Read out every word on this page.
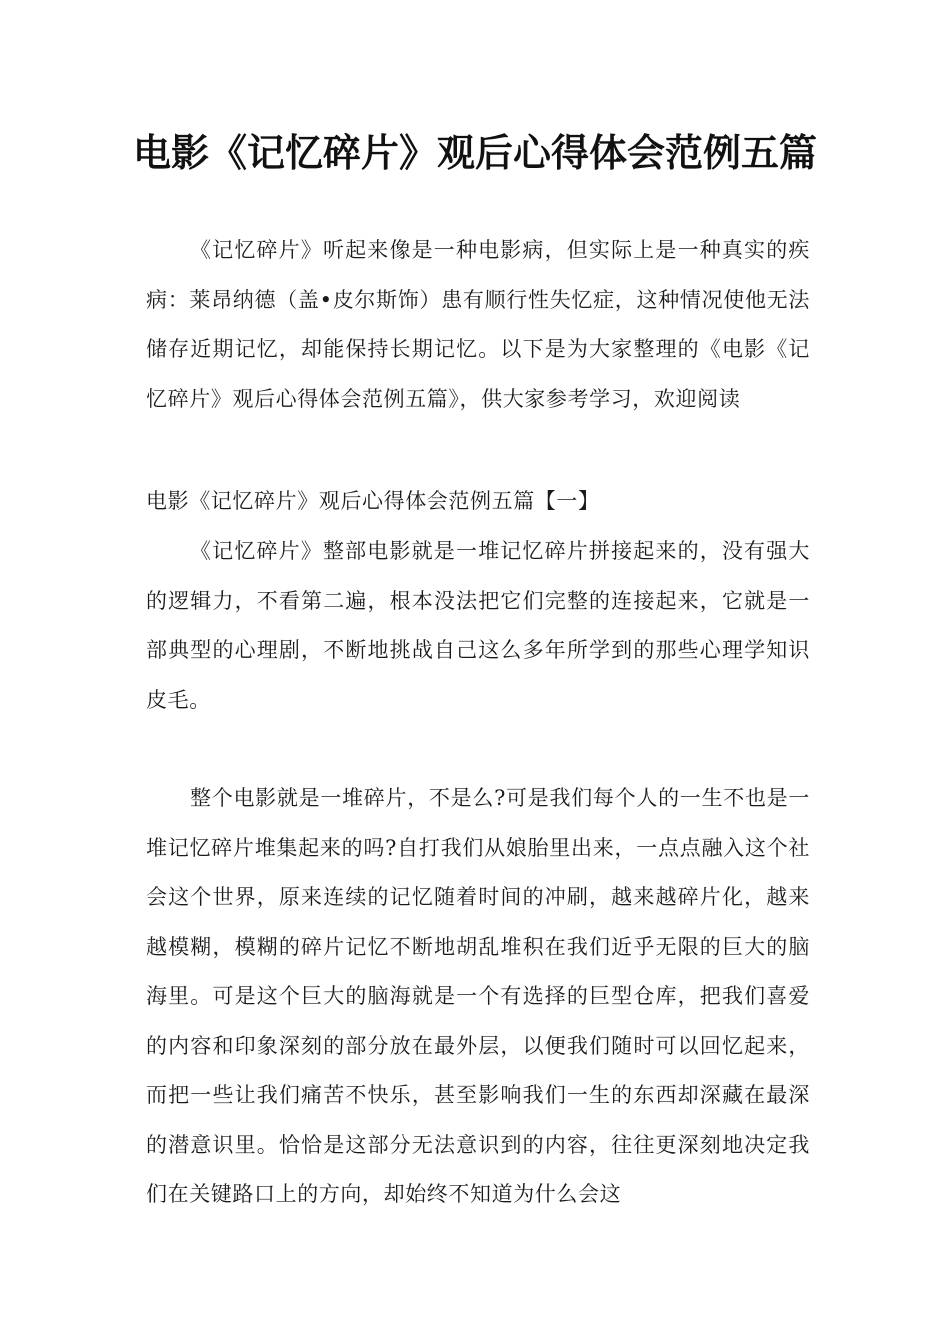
电影《记忆碎片》观后心得体会范例五篇

《记忆碎片》听起来像是一种电影病，但实际上是一种真实的疾病：莱昂纳德（盖•皮尔斯饰）患有顺行性失忆症，这种情况使他无法储存近期记忆，却能保持长期记忆。以下是为大家整理的《电影《记忆碎片》观后心得体会范例五篇》，供大家参考学习，欢迎阅读

电影《记忆碎片》观后心得体会范例五篇【一】

《记忆碎片》整部电影就是一堆记忆碎片拼接起来的，没有强大的逻辑力，不看第二遍，根本没法把它们完整的连接起来，它就是一部典型的心理剧，不断地挑战自己这么多年所学到的那些心理学知识皮毛。

整个电影就是一堆碎片，不是么?可是我们每个人的一生不也是一堆记忆碎片堆集起来的吗?自打我们从娘胎里出来，一点点融入这个社会这个世界，原来连续的记忆随着时间的冲刷，越来越碎片化，越来越模糊，模糊的碎片记忆不断地胡乱堆积在我们近乎无限的巨大的脑海里。可是这个巨大的脑海就是一个有选择的巨型仓库，把我们喜爱的内容和印象深刻的部分放在最外层，以便我们随时可以回忆起来，而把一些让我们痛苦不快乐，甚至影响我们一生的东西却深藏在最深的潜意识里。恰恰是这部分无法意识到的内容，往往更深刻地决定我们在关键路口上的方向，却始终不知道为什么会这
